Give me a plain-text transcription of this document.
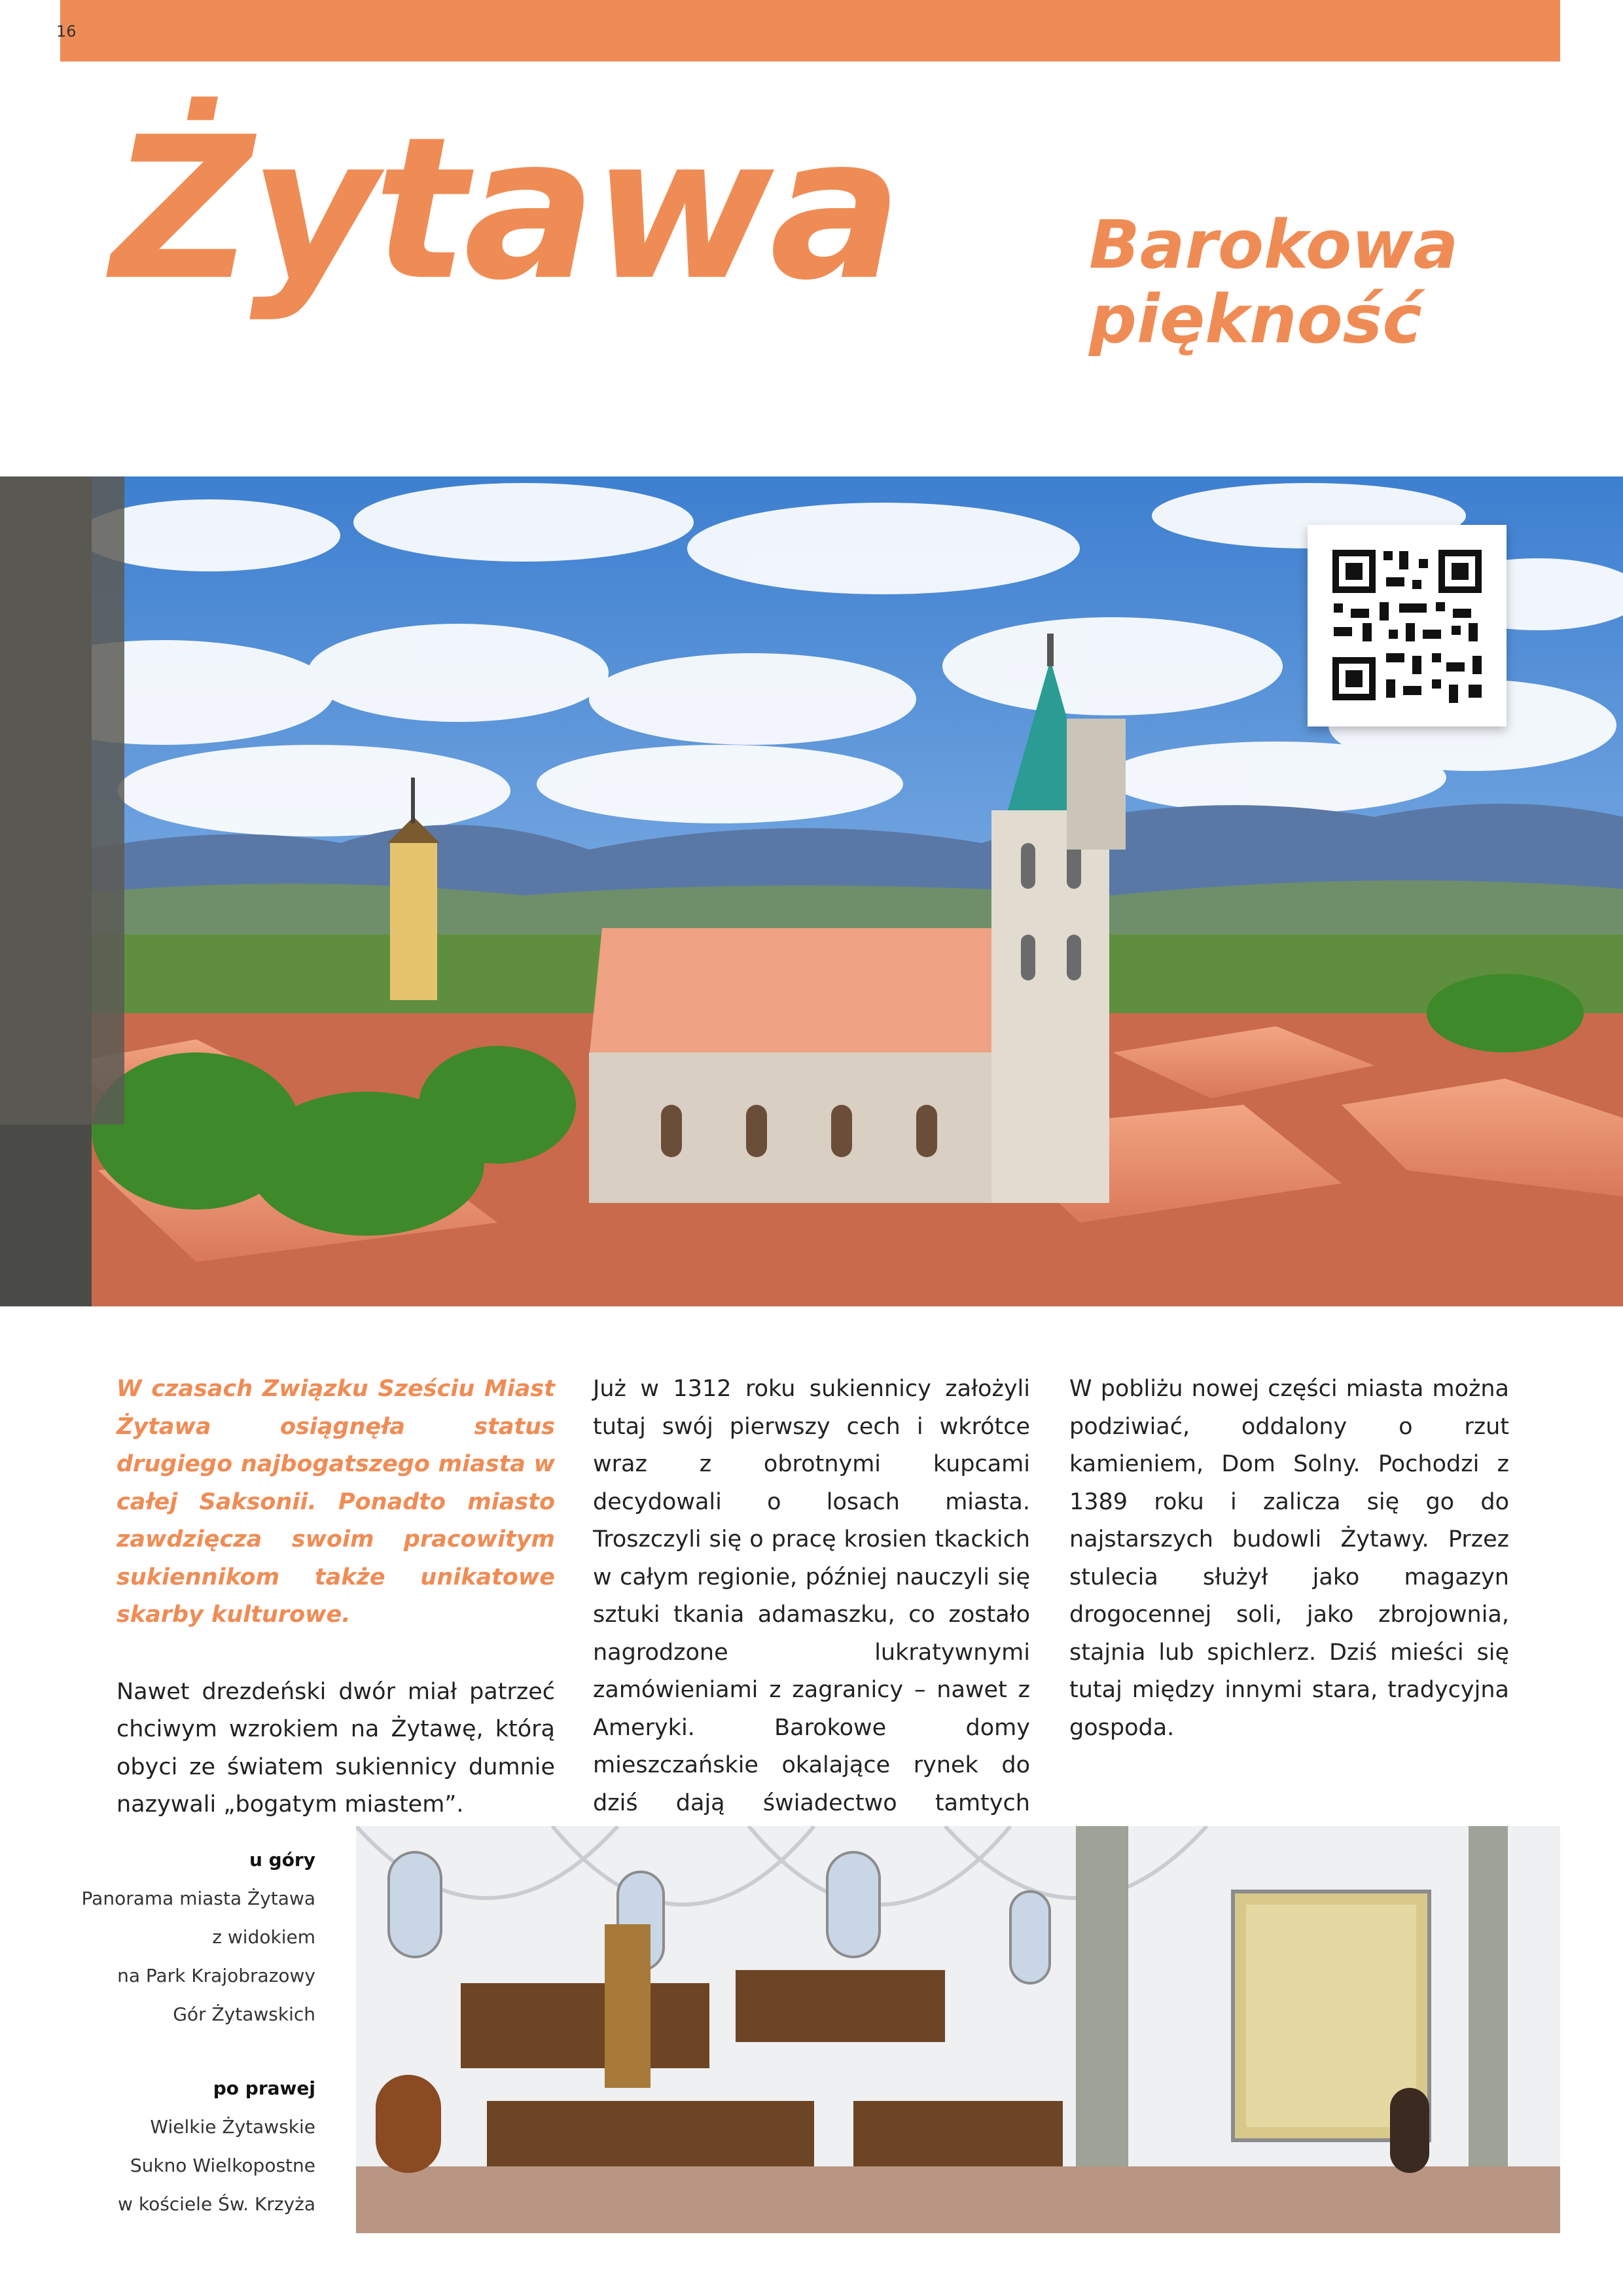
16
Żytawa	Barokowa
piękność

W czasach Związku Sześciu Miast Żytawa osiągnęła status drugiego najbogatszego miasta w całej Saksonii. Ponadto miasto zawdzięcza swoim pracowitym sukiennikom także unikatowe skarby kulturowe.

Nawet drezdeński dwór miał patrzeć chciwym wzrokiem na Żytawę, którą obyci ze światem sukiennicy dumnie nazywali „bogatym miastem”.

Już w 1312 roku sukiennicy założyli tutaj swój pierwszy cech i wkrótce wraz z obrotnymi kupcami decydowali o losach miasta. Troszczyli się o pracę krosien tkackich w całym regionie, później nauczyli się sztuki tkania adamaszku, co zostało nagrodzone lukratywnymi zamówieniami z zagranicy – nawet z Ameryki. Barokowe domy mieszczańskie okalające rynek do dziś dają świadectwo tamtych

W pobliżu nowej części miasta można podziwiać, oddalony o rzut kamieniem, Dom Solny. Pochodzi z 1389 roku i zalicza się go do najstarszych budowli Żytawy. Przez stulecia służył jako magazyn drogocennej soli, jako zbrojownia, stajnia lub spichlerz. Dziś mieści się tutaj między innymi stara, tradycyjna gospoda.

u góry
Panorama miasta Żytawa
z widokiem
na Park Krajobrazowy
Gór Żytawskich
po prawej
Wielkie Żytawskie
Sukno Wielkopostne
w kościele Św. Krzyża
